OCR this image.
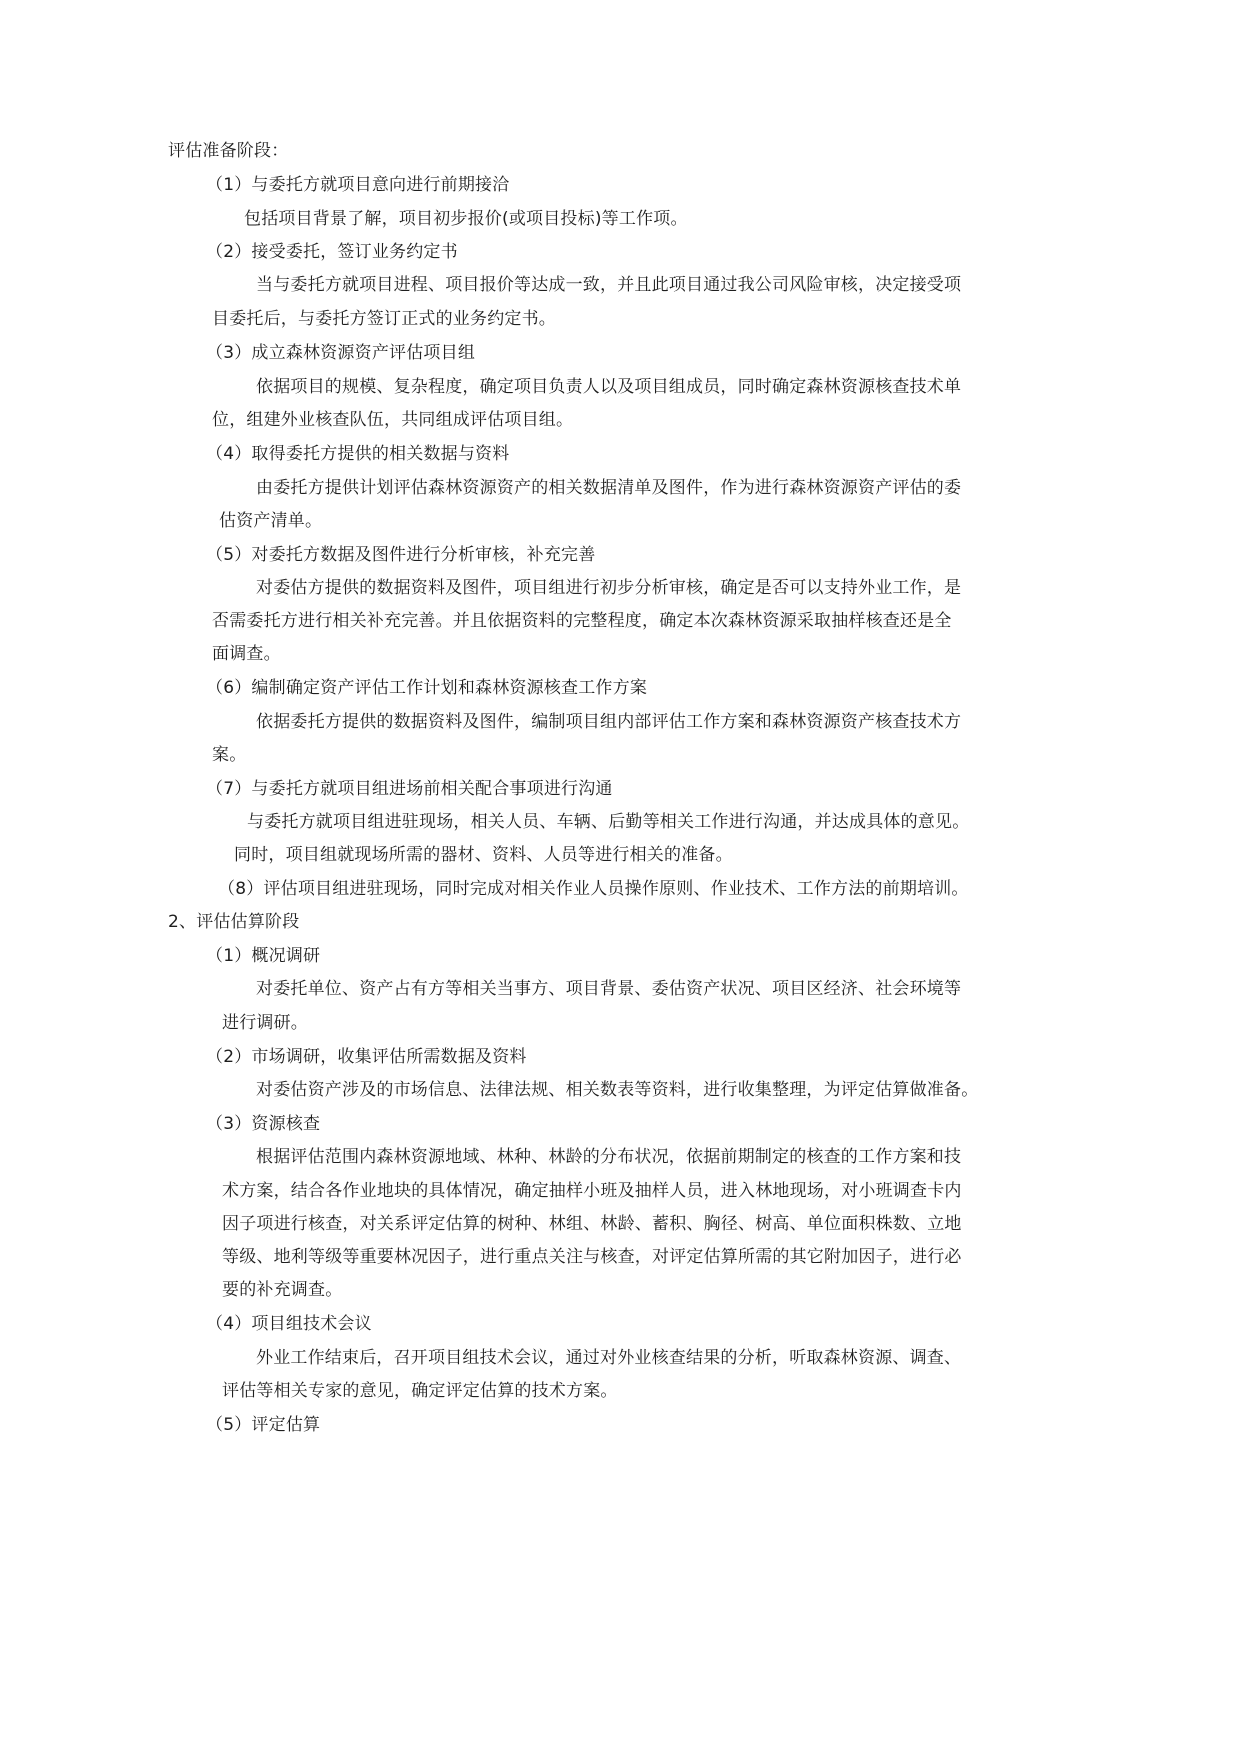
评估准备阶段：
（1）与委托方就项目意向进行前期接洽
包括项目背景了解，项目初步报价(或项目投标)等工作项。
（2）接受委托，签订业务约定书
当与委托方就项目进程、项目报价等达成一致，并且此项目通过我公司风险审核，决定接受项
目委托后，与委托方签订正式的业务约定书。
（3）成立森林资源资产评估项目组
依据项目的规模、复杂程度，确定项目负责人以及项目组成员，同时确定森林资源核查技术单
位，组建外业核查队伍，共同组成评估项目组。
（4）取得委托方提供的相关数据与资料
由委托方提供计划评估森林资源资产的相关数据清单及图件，作为进行森林资源资产评估的委
估资产清单。
（5）对委托方数据及图件进行分析审核，补充完善
对委估方提供的数据资料及图件，项目组进行初步分析审核，确定是否可以支持外业工作，是
否需委托方进行相关补充完善。并且依据资料的完整程度，确定本次森林资源采取抽样核查还是全
面调查。
（6）编制确定资产评估工作计划和森林资源核查工作方案
依据委托方提供的数据资料及图件，编制项目组内部评估工作方案和森林资源资产核查技术方
案。
（7）与委托方就项目组进场前相关配合事项进行沟通
与委托方就项目组进驻现场，相关人员、车辆、后勤等相关工作进行沟通，并达成具体的意见。
同时，项目组就现场所需的器材、资料、人员等进行相关的准备。
（8）评估项目组进驻现场，同时完成对相关作业人员操作原则、作业技术、工作方法的前期培训。
2、评估估算阶段
（1）概况调研
对委托单位、资产占有方等相关当事方、项目背景、委估资产状况、项目区经济、社会环境等
进行调研。
（2）市场调研，收集评估所需数据及资料
对委估资产涉及的市场信息、法律法规、相关数表等资料，进行收集整理，为评定估算做准备。
（3）资源核查
根据评估范围内森林资源地域、林种、林龄的分布状况，依据前期制定的核查的工作方案和技
术方案，结合各作业地块的具体情况，确定抽样小班及抽样人员，进入林地现场，对小班调查卡内
因子项进行核查，对关系评定估算的树种、林组、林龄、蓄积、胸径、树高、单位面积株数、立地
等级、地利等级等重要林况因子，进行重点关注与核查，对评定估算所需的其它附加因子，进行必
要的补充调查。
（4）项目组技术会议
外业工作结束后，召开项目组技术会议，通过对外业核查结果的分析，听取森林资源、调查、
评估等相关专家的意见，确定评定估算的技术方案。
（5）评定估算
